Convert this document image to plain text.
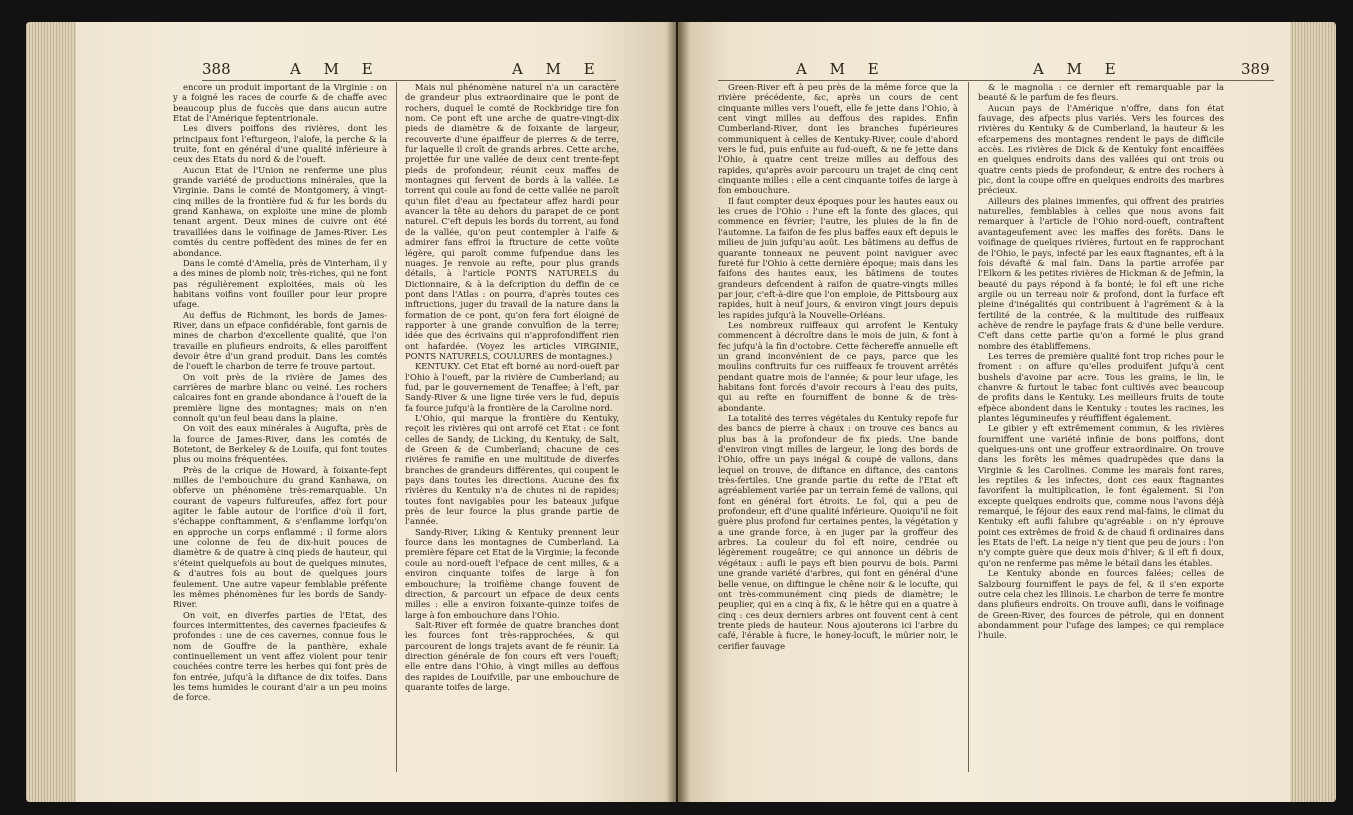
388	A M E	A M E

encore un produit important de la Virginie : on y a foigné les races de courfe & de chaffe avec beaucoup plus de fuccès que dans aucun autre Etat de l'Amérique feptentrionale.

Les divers poiffons des rivières, dont les principaux font l'efturgeon, l'alofe, la perche & la truite, font en général d'une qualité inférieure à ceux des Etats du nord & de l'oueft.

Aucun Etat de l'Union ne renferme une plus grande variété de productions minérales, que la Virginie. Dans le comté de Montgomery, à vingt-cinq milles de la frontière fud & fur les bords du grand Kanhawa, on exploite une mine de plomb tenant argent. Deux mines de cuivre ont été travaillées dans le voifinage de James-River. Les comtés du centre poffèdent des mines de fer en abondance.

Dans le comté d'Amelia, près de Vinterham, il y a des mines de plomb noir, très-riches, qui ne font pas régulièrement exploitées, mais où les habitans voifins vont fouiller pour leur propre ufage.

Au deffus de Richmont, les bords de James-River, dans un efpace confidérable, font garnis de mines de charbon d'excellente qualité, que l'on travaille en plufieurs endroits, & elles paroiffent devoir être d'un grand produit. Dans les comtés de l'oueft le charbon de terre fe trouve partout.

On voit près de la rivière de James des carrières de marbre blanc ou veiné. Les rochers calcaires font en grande abondance à l'oueft de la première ligne des montagnes; mais on n'en connoît qu'un feul beau dans la plaine.

On voit des eaux minérales à Augufta, près de la fource de James-River, dans les comtés de Botetont, de Berkeley & de Louifa, qui font toutes plus ou moins fréquentées.

Près de la crique de Howard, à foixante-fept milles de l'embouchure du grand Kanhawa, on obferve un phénomène très-remarquable. Un courant de vapeurs fulfureufes, affez fort pour agiter le fable autour de l'orifice d'où il fort, s'échappe conftamment, & s'enflamme lorfqu'on en approche un corps enflammé : il forme alors une colonne de feu de dix-huit pouces de diamètre & de quatre à cinq pieds de hauteur, qui s'éteint quelquefois au bout de quelques minutes, & d'autres fois au bout de quelques jours feulement. Une autre vapeur femblable préfente les mêmes phénomènes fur les bords de Sandy-River.

On voit, en diverfes parties de l'Etat, des fources intermittentes, des cavernes fpacieufes & profondes : une de ces cavernes, connue fous le nom de Gouffre de la panthère, exhale continuellement un vent affez violent pour tenir couchées contre terre les herbes qui font près de fon entrée, jufqu'à la diftance de dix toifes. Dans les tems humides le courant d'air a un peu moins de force.

Mais nul phénomène naturel n'a un caractère de grandeur plus extraordinaire que le pont de rochers, duquel le comté de Rockbridge tire fon nom. Ce pont eft une arche de quatre-vingt-dix pieds de diamètre & de foixante de largeur, recouverte d'une épaiffeur de pierres & de terre, fur laquelle il croît de grands arbres. Cette arche, projettée fur une vallée de deux cent trente-fept pieds de profondeur, réunit ceux maffes de montagnes qui fervent de bords à la vallée. Le torrent qui coule au fond de cette vallée ne paroît qu'un filet d'eau au fpectateur affez hardi pour avancer la tête au dehors du parapet de ce pont naturel. C'eft depuis les bords du torrent, au fond de la vallée, qu'on peut contempler à l'aife & admirer fans effroi la ftructure de cette voûte légère, qui paroît comme fufpendue dans les nuages. Je renvoie au refte, pour plus grands détails, à l'article PONTS NATURELS du Dictionnaire, & à la defcription du deffin de ce pont dans l'Atlas : on pourra, d'après toutes ces inftructions, juger du travail de la nature dans la formation de ce pont, qu'on fera fort éloigné de rapporter à une grande convulfion de la terre; idée que des écrivains qui n'approfondiffent rien ont hafardée. (Voyez les articles VIRGINIE, PONTS NATURELS, COULURES de montagnes.)

KENTUKY. Cet Etat eft borné au nord-oueft par l'Ohio à l'oueft, par la rivière de Cumberland; au fud, par le gouvernement de Tenaffee; à l'eft, par Sandy-River & une ligne tirée vers le fud, depuis fa fource jufqu'à la frontière de la Caroline nord.

L'Ohio, qui marque la frontière du Kentuky, reçoit les rivières qui ont arrofé cet Etat : ce font celles de Sandy, de Licking, du Kentuky, de Salt, de Green & de Cumberland; chacune de ces rivières fe ramifie en une multitude de diverfes branches de grandeurs différentes, qui coupent le pays dans toutes les directions. Aucune des fix rivières du Kentuky n'a de chutes ni de rapides; toutes font navigables pour les bateaux jufque près de leur fource la plus grande partie de l'année.

Sandy-River, Liking & Kentuky prennent leur fource dans les montagnes de Cumberland. La première fépare cet Etat de la Virginie; la feconde coule au nord-oueft l'efpace de cent milles, & a environ cinquante toifes de large à fon embouchure; la troifième change fouvent de direction, & parcourt un efpace de deux cents milles : elle a environ foixante-quinze toifes de large à fon embouchure dans l'Ohio.

Salt-River eft formée de quatre branches dont les fources font très-rapprochées, & qui parcourent de longs trajets avant de fe réunir. La direction générale de fon cours eft vers l'oueft; elle entre dans l'Ohio, à vingt milles au deffous des rapides de Louifville, par une embouchure de quarante toifes de large.

A M E	A M E	389

Green-River eft à peu près de la même force que la rivière précédente, &c, après un cours de cent cinquante milles vers l'oueft, elle fe jette dans l'Ohio, à cent vingt milles au deffous des rapides. Enfin Cumberland-River, dont les branches fupérieures communiquent à celles de Kentuky-River, coule d'abord vers le fud, puis enfuite au fud-oueft, & ne fe jette dans l'Ohio, à quatre cent treize milles au deffous des rapides, qu'après avoir parcouru un trajet de cinq cent cinquante milles : elle a cent cinquante toifes de large à fon embouchure.

Il faut compter deux époques pour les hautes eaux ou les crues de l'Ohio : l'une eft la fonte des glaces, qui commence en février; l'autre, les pluies de la fin de l'automne. La faifon de fes plus baffes eaux eft depuis le milieu de juin jufqu'au août. Les bâtimens au deffus de quarante tonneaux ne peuvent point naviguer avec fureté fur l'Ohio à cette dernière époque; mais dans les faifons des hautes eaux, les bâtimens de toutes grandeurs defcendent à raifon de quatre-vingts milles par jour, c'eft-à-dire que l'on emploie, de Pittsbourg aux rapides, huit à neuf jours, & environ vingt jours depuis les rapides jufqu'à la Nouvelle-Orléans.

Les nombreux ruiffeaux qui arrofent le Kentuky commencent à décroître dans le mois de juin, & font à fec jufqu'à la fin d'octobre. Cette féchereffe annuelle eft un grand inconvénient de ce pays, parce que les moulins conftruits fur ces ruiffeaux fe trouvent arrêtés pendant quatre mois de l'année; & pour leur ufage, les habitans font forcés d'avoir recours à l'eau des puits, qui au refte en fourniffent de bonne & de très-abondante.

La totalité des terres végétales du Kentuky repofe fur des bancs de pierre à chaux : on trouve ces bancs au plus bas à la profondeur de fix pieds. Une bande d'environ vingt milles de largeur, le long des bords de l'Ohio, offre un pays inégal & coupé de vallons, dans lequel on trouve, de diftance en diftance, des cantons très-fertiles. Une grande partie du refte de l'Etat eft agréablement variée par un terrain femé de vallons, qui font en général fort étroits. Le fol, qui a peu de profondeur, eft d'une qualité inférieure. Quoiqu'il ne foit guère plus profond fur certaines pentes, la végétation y a une grande force, à en juger par la groffeur des arbres. La couleur du fol eft noire, cendrée ou légèrement rougeâtre; ce qui annonce un débris de végétaux : aufli le pays eft bien pourvu de bois. Parmi une grande variété d'arbres, qui font en général d'une belle venue, on diftingue le chêne noir & le locufte, qui ont très-communément cinq pieds de diamètre; le peuplier, qui en a cinq à fix, & le hêtre qui en a quatre à cinq : ces deux derniers arbres ont fouvent cent à cent trente pieds de hauteur. Nous ajouterons ici l'arbre du café, l'érable à fucre, le honey-locuft, le mûrier noir, le cerifier fauvage

& le magnolia : ce dernier eft remarquable par la beauté & le parfum de fes fleurs.

Aucun pays de l'Amérique n'offre, dans fon état fauvage, des afpects plus variés. Vers les fources des rivières du Kentuky & de Cumberland, la hauteur & les efcarpemens des montagnes rendent le pays de difficile accès. Les rivières de Dick & de Kentuky font encaiffées en quelques endroits dans des vallées qui ont trois ou quatre cents pieds de profondeur, & entre des rochers à pic, dont la coupe offre en quelques endroits des marbres précieux.

Ailleurs des plaines immenfes, qui offrent des prairies naturelles, femblables à celles que nous avons fait remarquer à l'article de l'Ohio nord-oueft, contraftent avantageufement avec les maffes des forêts. Dans le voifinage de quelques rivières, furtout en fe rapprochant de l'Ohio, le pays, infecté par les eaux ftagnantes, eft à la fois dévafté & mal fain. Dans la partie arrofée par l'Elkorn & les petites rivières de Hickman & de Jefmin, la beauté du pays répond à fa bonté; le fol eft une riche argile ou un terreau noir & profond, dont la furface eft pleine d'inégalités qui contribuent à l'agrément & à la fertilité de la contrée, & la multitude des ruiffeaux achève de rendre le payfage frais & d'une belle verdure. C'eft dans cette partie qu'on a formé le plus grand nombre des établiffemens.

Les terres de première qualité font trop riches pour le froment : on affure qu'elles produifent jufqu'à cent bushels d'avoine par acre. Tous les grains, le lin, le chanvre & furtout le tabac font cultivés avec beaucoup de profits dans le Kentuky. Les meilleurs fruits de toute efpèce abondent dans le Kentuky : toutes les racines, les plantes légumineufes y réuffiffent également.

Le gibier y eft extrêmement commun, & les rivières fourniffent une variété infinie de bons poiffons, dont quelques-uns ont une groffeur extraordinaire. On trouve dans les forêts les mêmes quadrupèdes que dans la Virginie & les Carolines. Comme les marais font rares, les reptiles & les infectes, dont ces eaux ftagnantes favorifent la multiplication, le font également. Si l'on excepte quelques endroits que, comme nous l'avons déjà remarqué, le féjour des eaux rend mal-fains, le climat du Kentuky eft aufli falubre qu'agréable : on n'y éprouve point ces extrêmes de froid & de chaud fi ordinaires dans les Etats de l'eft. La neige n'y tient que peu de jours : l'on n'y compte guère que deux mois d'hiver; & il eft fi doux, qu'on ne renferme pas même le bétail dans les étables.

Le Kentuky abonde en fources falées; celles de Salzbourg fourniffent le pays de fel, & il s'en exporte outre cela chez les Illinois. Le charbon de terre fe montre dans plufieurs endroits. On trouve aufli, dans le voifinage de Green-River, des fources de pétrole, qui en donnent abondamment pour l'ufage des lampes; ce qui remplace l'huile.
